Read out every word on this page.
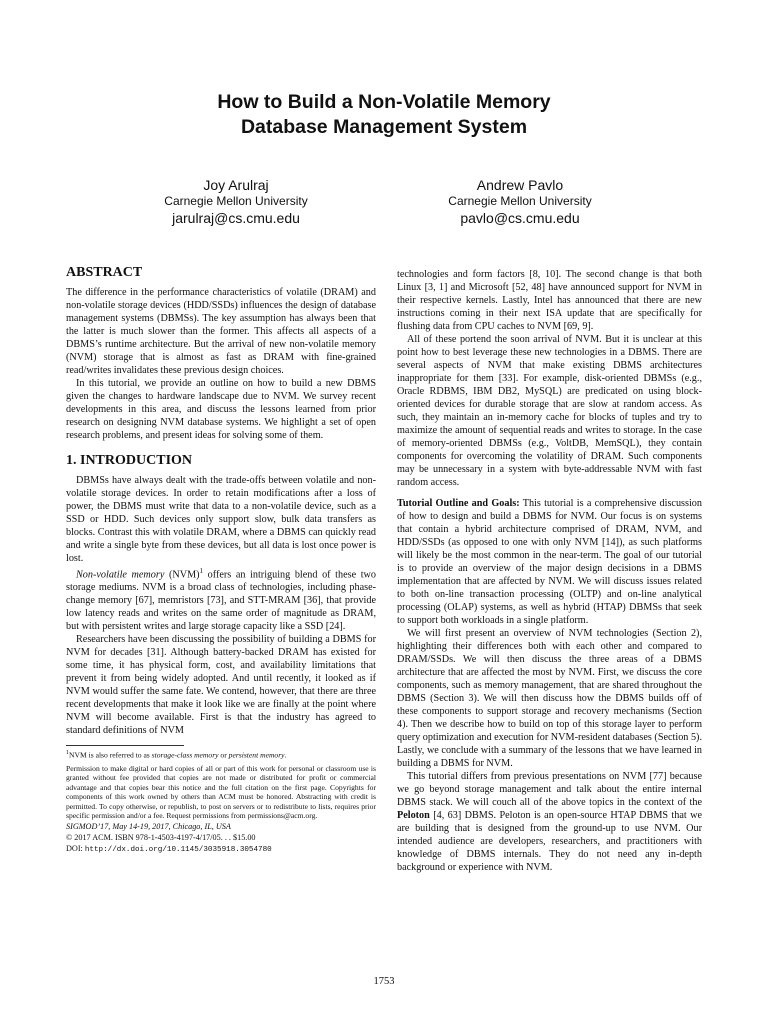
How to Build a Non-Volatile Memory
Database Management System
Joy Arulraj
Carnegie Mellon University
jarulraj@cs.cmu.edu
Andrew Pavlo
Carnegie Mellon University
pavlo@cs.cmu.edu
ABSTRACT

The difference in the performance characteristics of volatile (DRAM) and non-volatile storage devices (HDD/SSDs) influences the design of database management systems (DBMSs). The key assumption has always been that the latter is much slower than the former. This affects all aspects of a DBMS’s runtime architecture. But the arrival of new non-volatile memory (NVM) storage that is almost as fast as DRAM with fine-grained read/writes invalidates these previous design choices.

In this tutorial, we provide an outline on how to build a new DBMS given the changes to hardware landscape due to NVM. We survey recent developments in this area, and discuss the lessons learned from prior research on designing NVM database systems. We highlight a set of open research problems, and present ideas for solving some of them.

1. INTRODUCTION

DBMSs have always dealt with the trade-offs between volatile and non-volatile storage devices. In order to retain modifications after a loss of power, the DBMS must write that data to a non-volatile device, such as a SSD or HDD. Such devices only support slow, bulk data transfers as blocks. Contrast this with volatile DRAM, where a DBMS can quickly read and write a single byte from these devices, but all data is lost once power is lost.

Non-volatile memory (NVM)$^1$ offers an intriguing blend of these two storage mediums. NVM is a broad class of technologies, including phase-change memory [67], memristors [73], and STT-MRAM [36], that provide low latency reads and writes on the same order of magnitude as DRAM, but with persistent writes and large storage capacity like a SSD [24].

Researchers have been discussing the possibility of building a DBMS for NVM for decades [31]. Although battery-backed DRAM has existed for some time, it has physical form, cost, and availability limitations that prevent it from being widely adopted. And until recently, it looked as if NVM would suffer the same fate. We contend, however, that there are three recent developments that make it look like we are finally at the point where NVM will become available. First is that the industry has agreed to standard definitions of NVM

$^1$NVM is also referred to as storage-class memory or persistent memory.
Permission to make digital or hard copies of all or part of this work for personal or classroom use is granted without fee provided that copies are not made or distributed for profit or commercial advantage and that copies bear this notice and the full citation on the first page. Copyrights for components of this work owned by others than ACM must be honored. Abstracting with credit is permitted. To copy otherwise, or republish, to post on servers or to redistribute to lists, requires prior specific permission and/or a fee. Request permissions from permissions@acm.org.
SIGMOD’17, May 14-19, 2017, Chicago, IL, USA
© 2017 ACM. ISBN 978-1-4503-4197-4/17/05. . . $15.00
DOI: http://dx.doi.org/10.1145/3035918.3054780

technologies and form factors [8, 10]. The second change is that both Linux [3, 1] and Microsoft [52, 48] have announced support for NVM in their respective kernels. Lastly, Intel has announced that there are new instructions coming in their next ISA update that are specifically for flushing data from CPU caches to NVM [69, 9].

All of these portend the soon arrival of NVM. But it is unclear at this point how to best leverage these new technologies in a DBMS. There are several aspects of NVM that make existing DBMS architectures inappropriate for them [33]. For example, disk-oriented DBMSs (e.g., Oracle RDBMS, IBM DB2, MySQL) are predicated on using block-oriented devices for durable storage that are slow at random access. As such, they maintain an in-memory cache for blocks of tuples and try to maximize the amount of sequential reads and writes to storage. In the case of memory-oriented DBMSs (e.g., VoltDB, MemSQL), they contain components for overcoming the volatility of DRAM. Such components may be unnecessary in a system with byte-addressable NVM with fast random access.

Tutorial Outline and Goals: This tutorial is a comprehensive discussion of how to design and build a DBMS for NVM. Our focus is on systems that contain a hybrid architecture comprised of DRAM, NVM, and HDD/SSDs (as opposed to one with only NVM [14]), as such platforms will likely be the most common in the near-term. The goal of our tutorial is to provide an overview of the major design decisions in a DBMS implementation that are affected by NVM. We will discuss issues related to both on-line transaction processing (OLTP) and on-line analytical processing (OLAP) systems, as well as hybrid (HTAP) DBMSs that seek to support both workloads in a single platform.

We will first present an overview of NVM technologies (Section 2), highlighting their differences both with each other and compared to DRAM/SSDs. We will then discuss the three areas of a DBMS architecture that are affected the most by NVM. First, we discuss the core components, such as memory management, that are shared throughout the DBMS (Section 3). We will then discuss how the DBMS builds off of these components to support storage and recovery mechanisms (Section 4). Then we describe how to build on top of this storage layer to perform query optimization and execution for NVM-resident databases (Section 5). Lastly, we conclude with a summary of the lessons that we have learned in building a DBMS for NVM.

This tutorial differs from previous presentations on NVM [77] because we go beyond storage management and talk about the entire internal DBMS stack. We will couch all of the above topics in the context of the Peloton [4, 63] DBMS. Peloton is an open-source HTAP DBMS that we are building that is designed from the ground-up to use NVM. Our intended audience are developers, researchers, and practitioners with knowledge of DBMS internals. They do not need any in-depth background or experience with NVM.

1753
